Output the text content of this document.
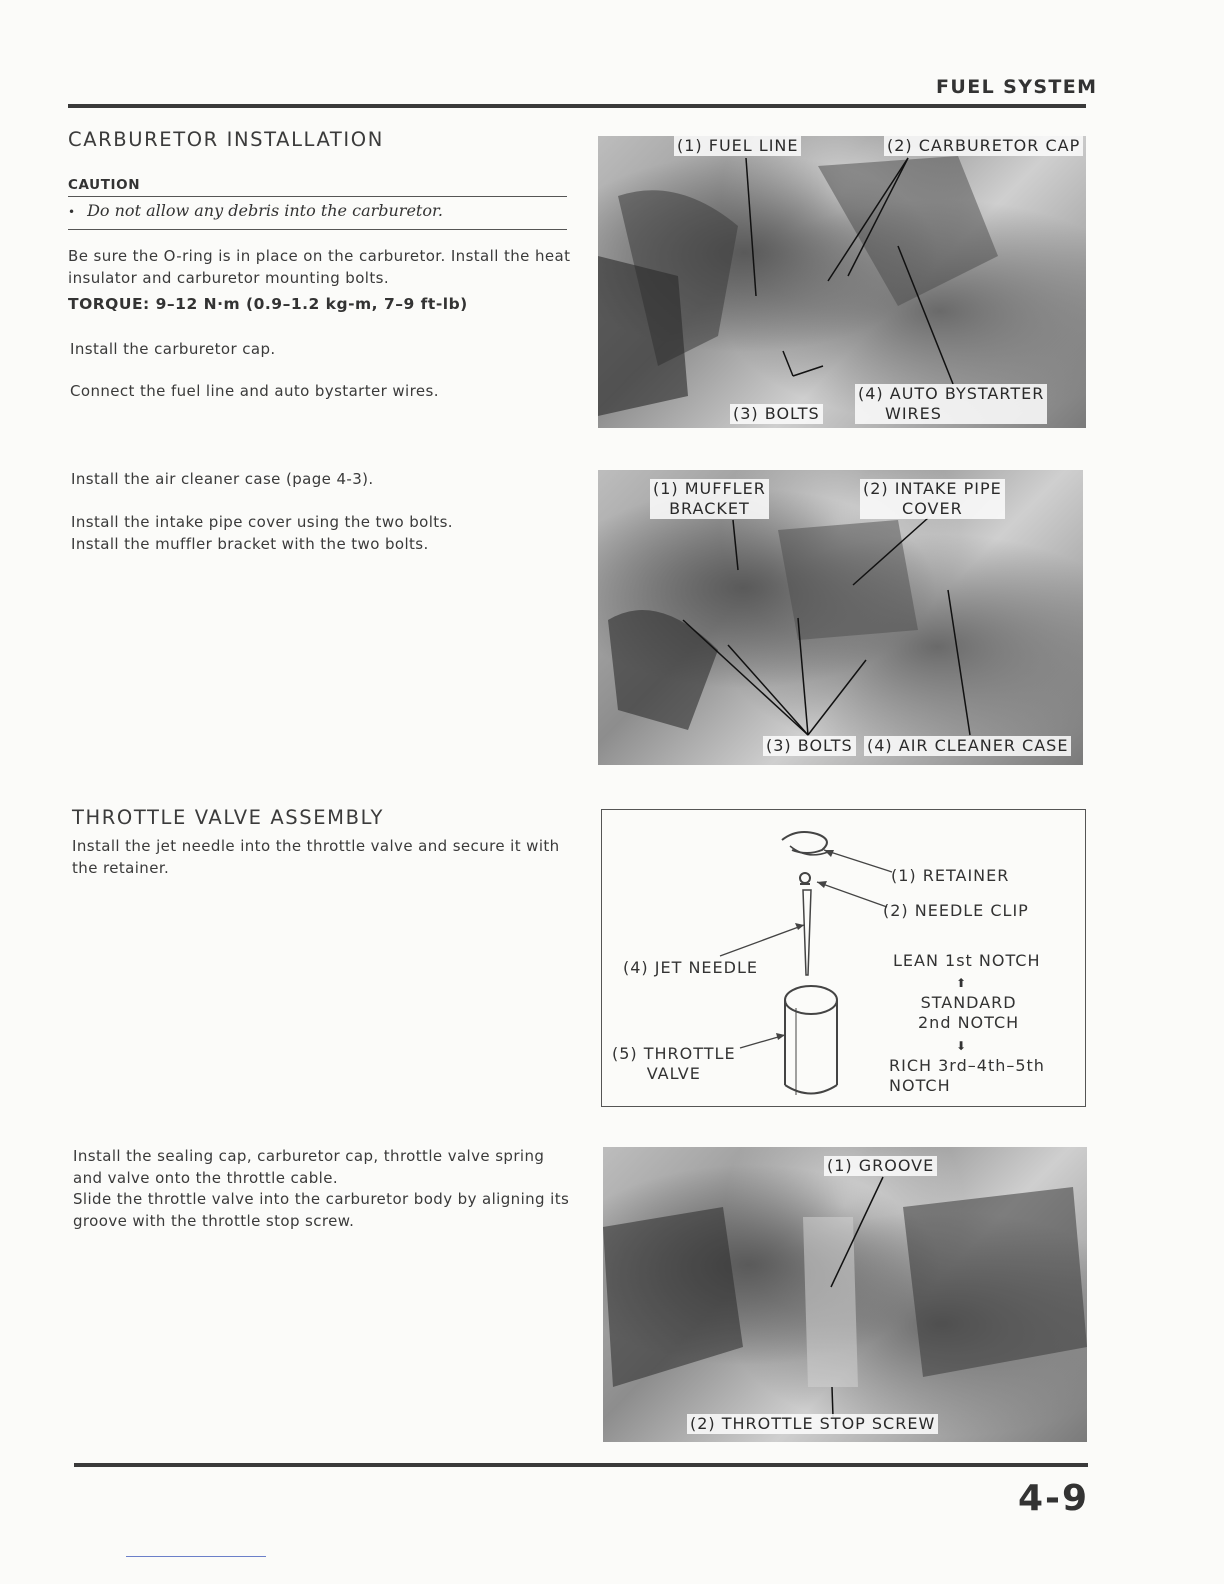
FUEL SYSTEM
CARBURETOR INSTALLATION
CAUTION
• Do not allow any debris into the carburetor.
Be sure the O-ring is in place on the carburetor. Install the heat insulator and carburetor mounting bolts.
TORQUE: 9–12 N·m (0.9–1.2 kg-m, 7–9 ft-lb)
Install the carburetor cap.
Connect the fuel line and auto bystarter wires.
Install the air cleaner case (page 4-3).
Install the intake pipe cover using the two bolts.
Install the muffler bracket with the two bolts.
(1) FUEL LINE	(2) CARBURETOR CAP
(3) BOLTS
(4) AUTO BYSTARTER
WIRES
(1) MUFFLER
BRACKET
(2) INTAKE PIPE
COVER
(3) BOLTS (4) AIR CLEANER CASE
THROTTLE VALVE ASSEMBLY
Install the jet needle into the throttle valve and secure it with the retainer.	(1) RETAINER
(2) NEEDLE CLIP
(4) JET NEEDLE
(5) THROTTLE
VALVE
LEAN 1st NOTCH
⬆
STANDARD
2nd NOTCH
⬇
RICH 3rd–4th–5th
NOTCH
Install the sealing cap, carburetor cap, throttle valve spring and valve onto the throttle cable.
Slide the throttle valve into the carburetor body by aligning its groove with the throttle stop screw.
(1) GROOVE
(2) THROTTLE STOP SCREW
4-9
